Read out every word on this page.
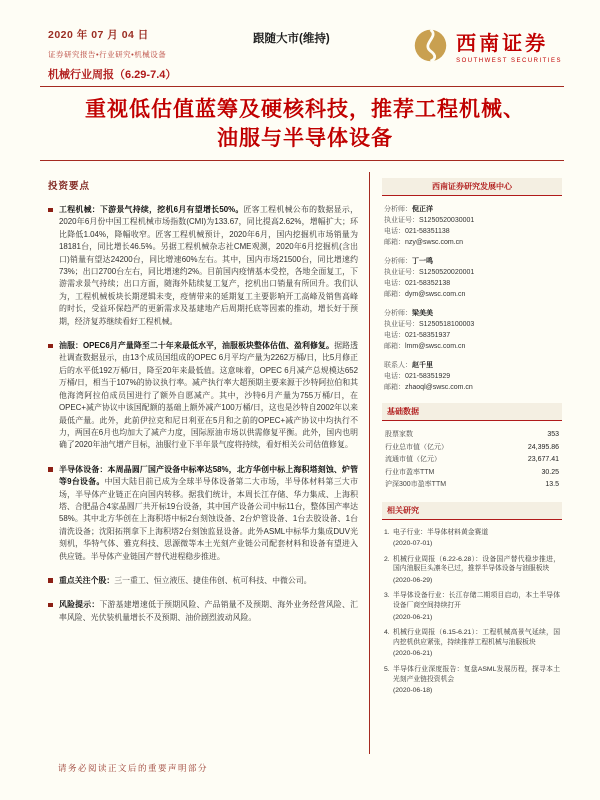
2020 年 07 月 04 日
证券研究报告•行业研究•机械设备
跟随大市(维持)	西南证券
SOUTHWEST SECURITIES
机械行业周报（6.29-7.4）
重视低估值蓝筹及硬核科技，推荐工程机械、
油服与半导体设备
投资要点

工程机械：下游景气持续，挖机6月有望增长50%。匠客工程机械公布的数据显示，2020年6月份中国工程机械市场指数(CMI)为133.67，同比提高2.62%，增幅扩大；环比降低1.04%，降幅收窄。匠客工程机械预计，2020年6月，国内挖掘机市场销量为18181台，同比增长46.5%。另据工程机械杂志社CME观测，2020年6月挖掘机(含出口)销量有望达24200台，同比增速60%左右。其中，国内市场21500台，同比增速约73%；出口2700台左右，同比增速约2%。目前国内疫情基本受控，各地全面复工，下游需求景气持续；出口方面，随海外陆续复工复产，挖机出口销量有所回升。我们认为，工程机械板块长期逻辑未变，疫情带来的延期复工主要影响开工高峰及销售高峰的时长，受益环保趋严的更新需求及基建地产后周期托底等因素的推动，增长好于预期，经济复苏继续看好工程机械。

油服：OPEC6月产量降至二十年来最低水平，油服板块整体估值、盈利修复。据路透社调查数据显示，由13个成员国组成的OPEC 6月平均产量为2262万桶/日，比5月修正后的水平低192万桶/日，降至20年来最低值。这意味着，OPEC 6月减产总规模达652万桶/日，相当于107%的协议执行率。减产执行率大超预期主要来源于沙特阿拉伯和其他海湾阿拉伯成员国进行了额外自愿减产。其中，沙特6月产量为755万桶/日，在OPEC+减产协议中该国配额的基础上额外减产100万桶/日，这也是沙特自2002年以来最低产量。此外，此前伊拉克和尼日利亚在5月和之前的OPEC+减产协议中均执行不力，两国在6月也均加大了减产力度，国际原油市场以供需修复平衡。此外，国内也明确了2020年油气增产目标，油服行业下半年景气度将持续，看好相关公司估值修复。

半导体设备：本周晶圆厂国产设备中标率达58%，北方华创中标上海积塔刻蚀、炉管等9台设备。中国大陆目前已成为全球半导体设备第二大市场，半导体材料第三大市场，半导体产业链正在向国内转移。据我们统计，本周长江存储、华力集成、上海积塔、合肥晶合4家晶圆厂共开标19台设备，其中国产设备公司中标11台，整体国产率达58%。其中北方华创在上海积塔中标2台刻蚀设备、2台炉管设备、1台去胶设备、1台清洗设备；沈阳拓荆拿下上海积塔2台刻蚀监显设备。此外ASML中标华力集成DUV光刻机，华特气体、雅克科技、思源微等本土光刻产业链公司配套材料和设备有望进入供应链。半导体产业链国产替代进程稳步推进。

重点关注个股：三一重工、恒立液压、捷佳伟创、杭可科技、中微公司。

风险提示：下游基建增速低于预期风险、产品销量不及预期、海外业务经营风险、汇率风险、光伏装机量增长不及预期、油价剧烈波动风险。

西南证券研究发展中心
分析师： 倪正洋
执业证号： S1250520030001
电话： 021-58351138
邮箱： nzy@swsc.com.cn
分析师： 丁一鸣
执业证号： S1250520020001
电话： 021-58352138
邮箱： dym@swsc.com.cn
分析师： 梁美美
执业证号： S1250518100003
电话： 021-58351937
邮箱： lmm@swsc.com.cn
联系人： 赵千里
电话： 021-58351929
邮箱： zhaoql@swsc.com.cn
基础数据
股票家数	353
行业总市值（亿元）	24,395.86
流通市值（亿元）	23,677.41
行业市盈率TTM	30.25
沪深300市盈率TTM	13.5
相关研究
1. 电子行业：半导体材料黄金赛道
(2020-07-01)
2. 机械行业周报（6.22-6.28）：设备国产替代稳步推进，国内油服巨头凛冬已过，推荐半导体设备与油服板块
(2020-06-29)
3. 半导体设备行业：长江存储二期项目启动，本土半导体设备厂商空间持续打开
(2020-06-21)
4. 机械行业周报（6.15-6.21）：工程机械高景气延续，国内挖机供应紧张，持续推荐工程机械与油服板块
(2020-06-21)
5. 半导体行业深度报告：复盘ASML发展历程，探寻本土光刻产业链投资机会
(2020-06-18)
请务必阅读正文后的重要声明部分
